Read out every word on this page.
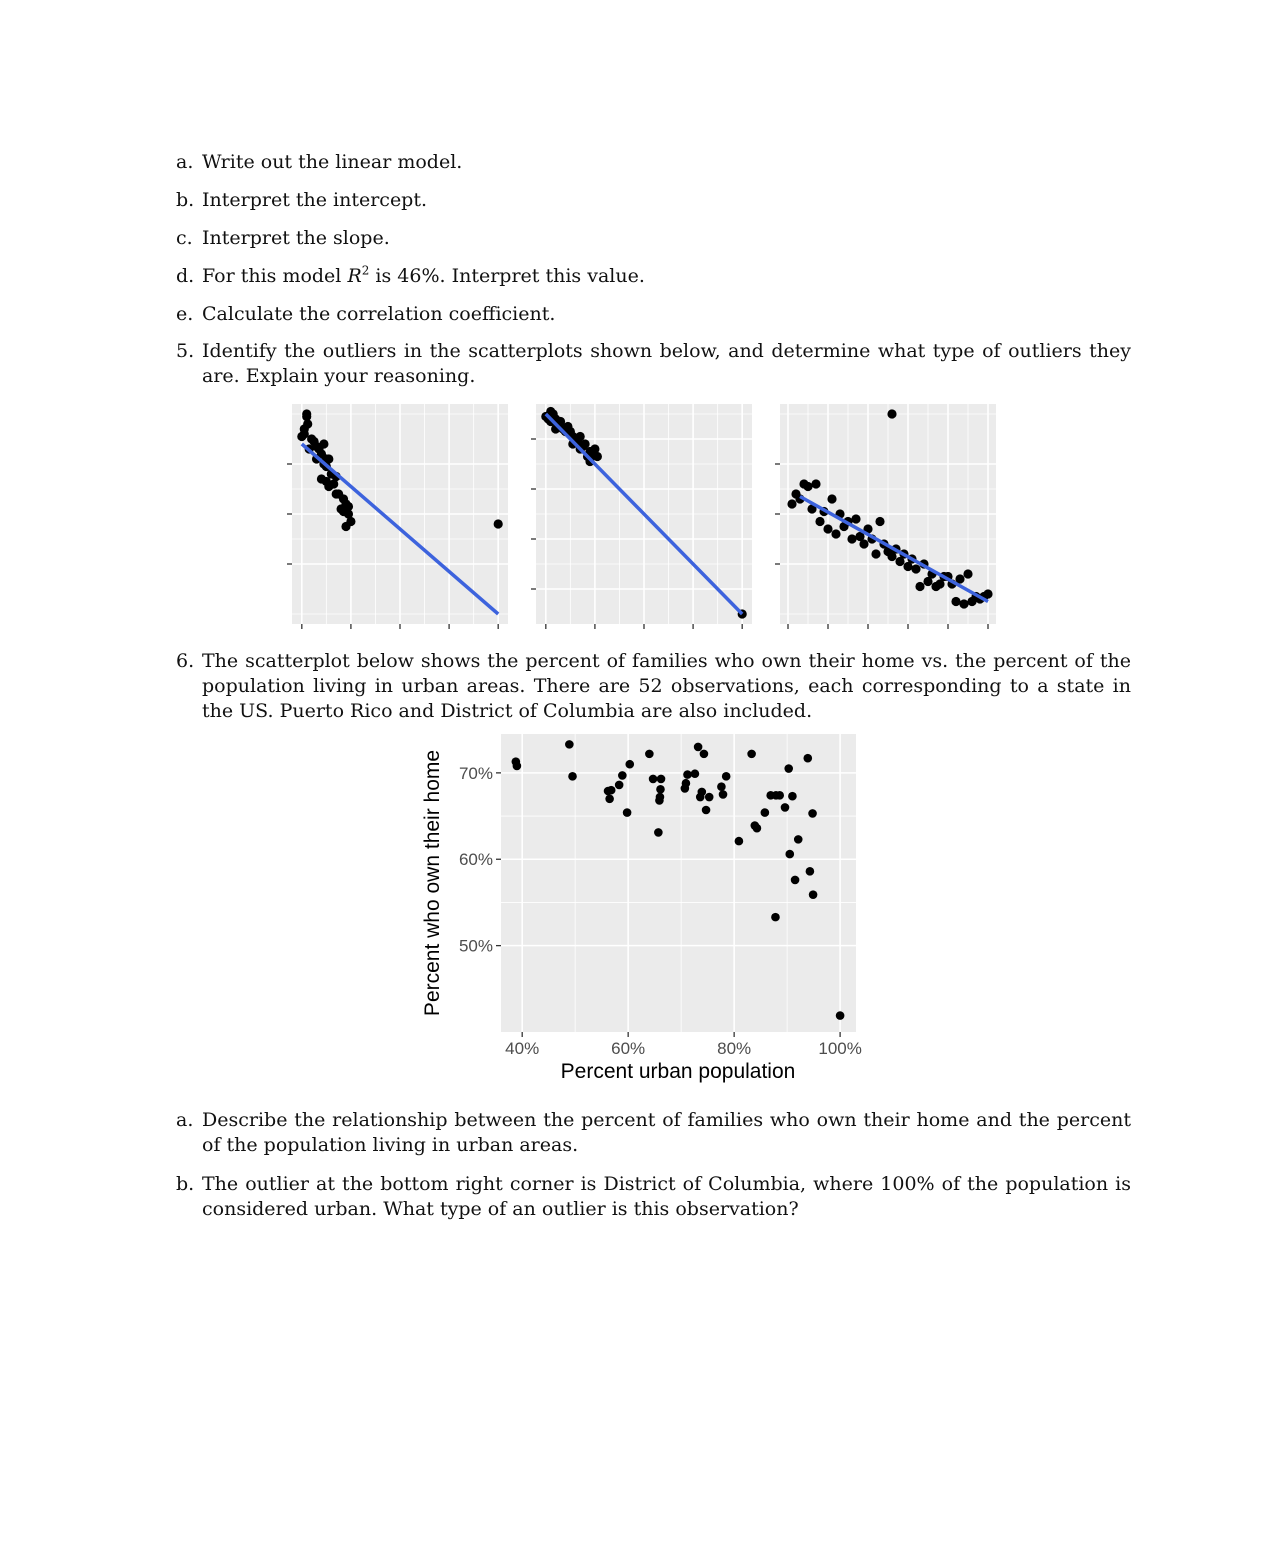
a. Write out the linear model.
b. Interpret the intercept.
c. Interpret the slope.
d. For this model $R^2$ is 46%. Interpret this value.
e. Calculate the correlation coefficient.
5. Identify the outliers in the scatterplots shown below, and determine what type of outliers they are. Explain your reasoning.
6. The scatterplot below shows the percent of families who own their home vs. the percent of the population living in urban areas. There are 52 observations, each corresponding to a state in the US. Puerto Rico and District of Columbia are also included.
Percent who own their home
Percent urban population
40%	60%	80%	100%
50%
60%
70%
a. Describe the relationship between the percent of families who own their home and the percent of the population living in urban areas.
b. The outlier at the bottom right corner is District of Columbia, where 100% of the population is considered urban. What type of an outlier is this observation?
